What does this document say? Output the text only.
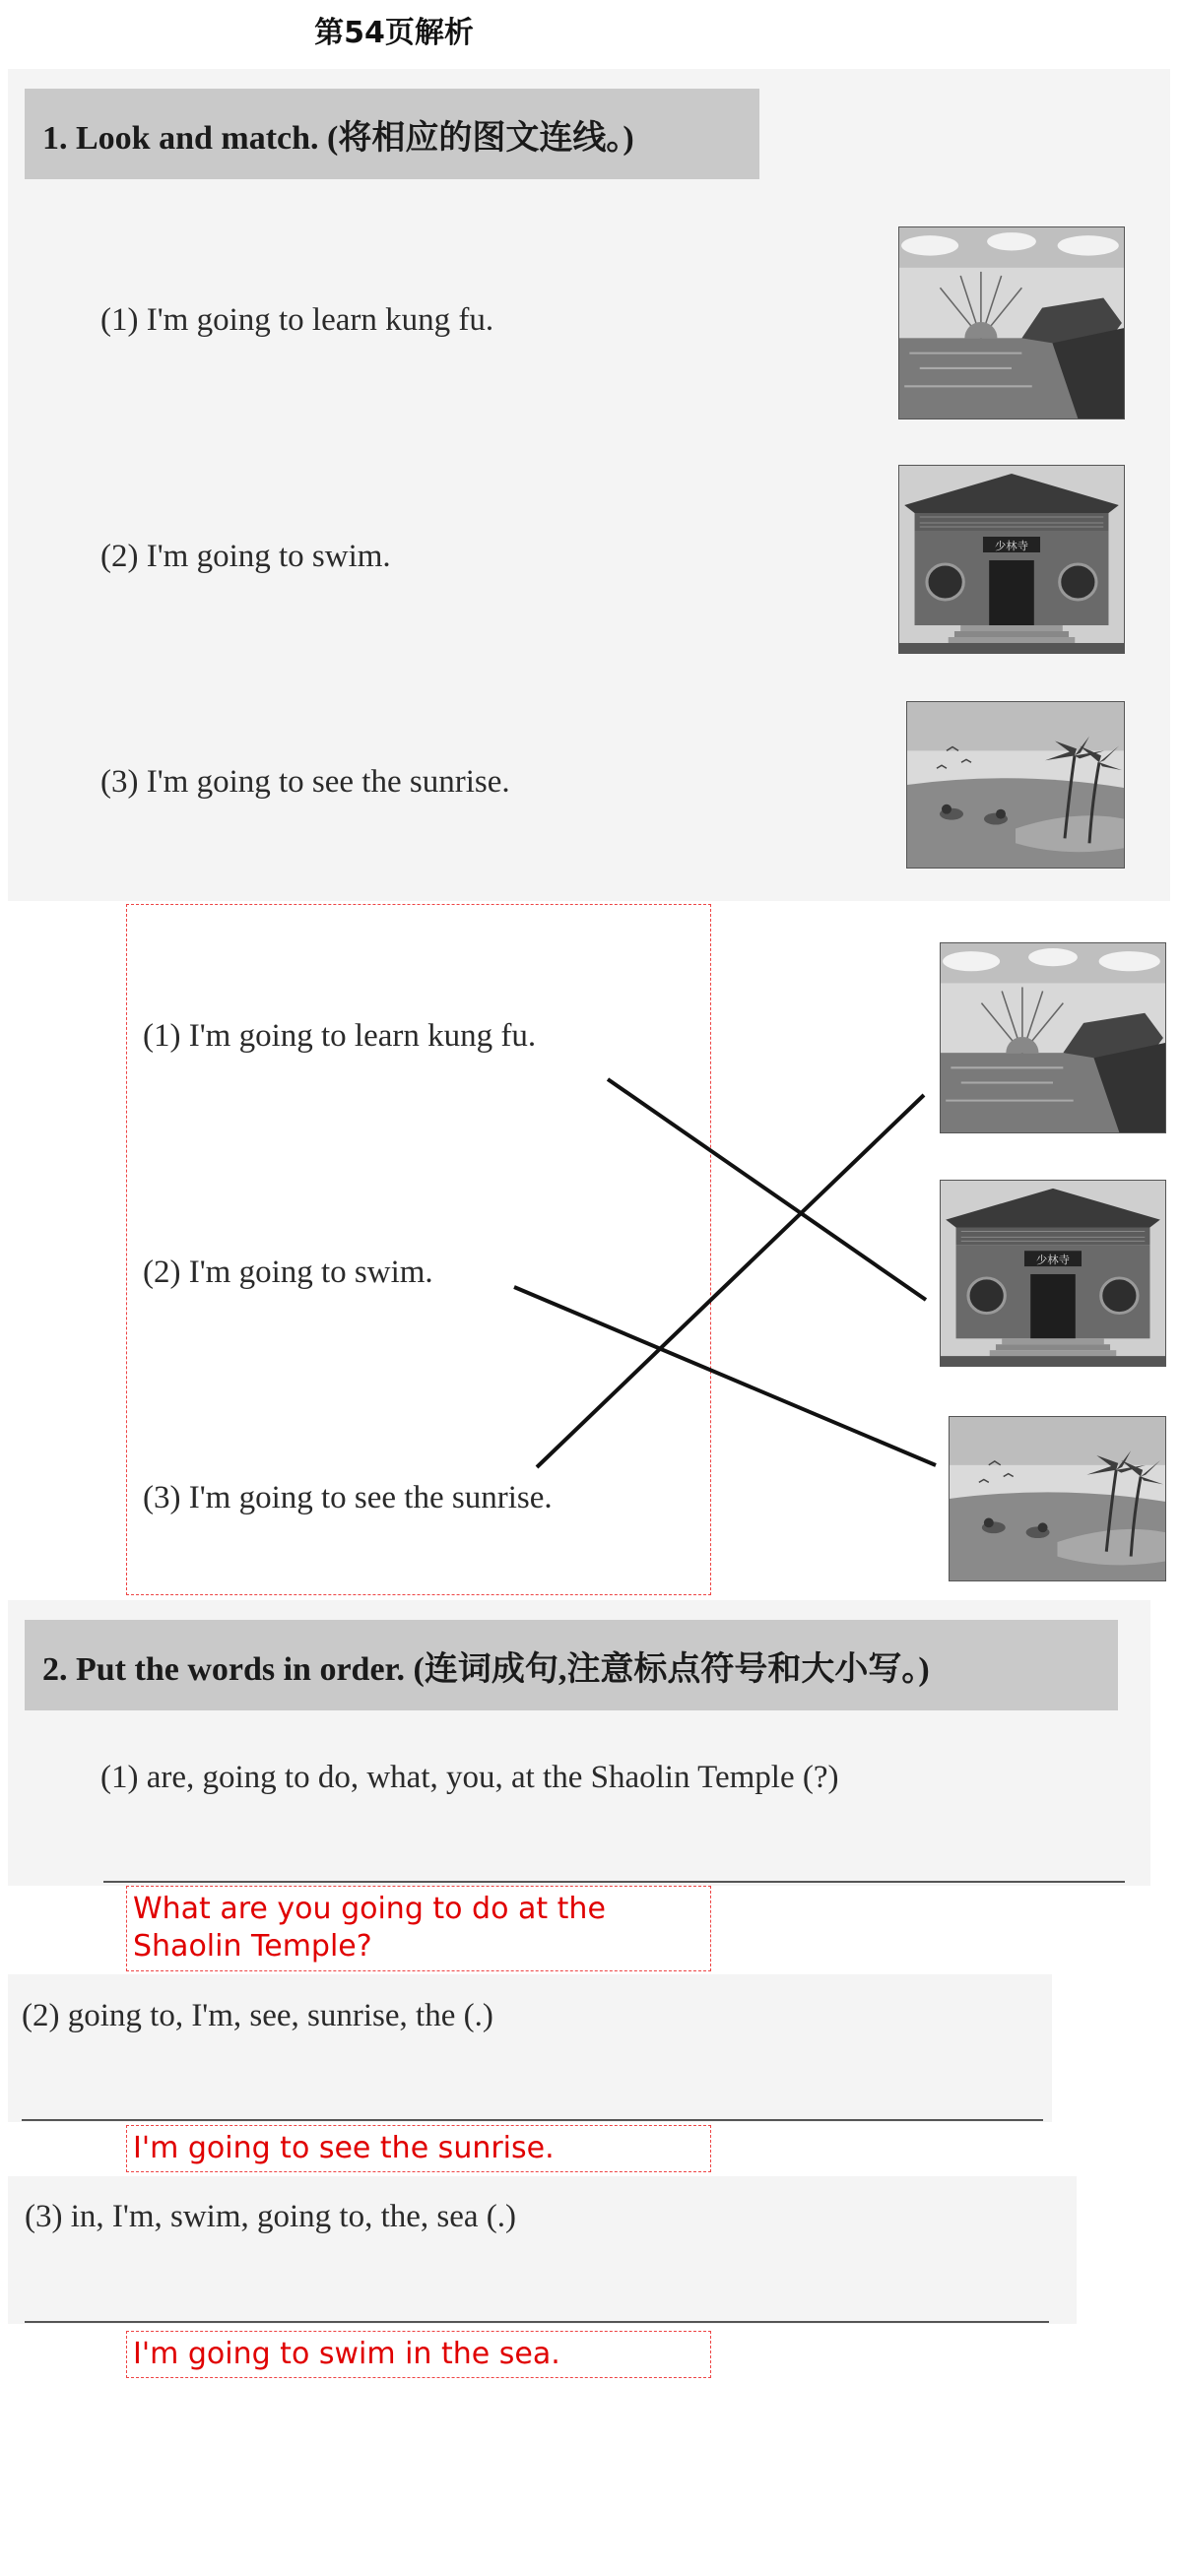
第54页解析
1. Look and match. (将相应的图文连线。)
(1) I'm going to learn kung fu.
(2) I'm going to swim.
(3) I'm going to see the sunrise.
(1) I'm going to learn kung fu.
(2) I'm going to swim.
(3) I'm going to see the sunrise.
2. Put the words in order. (连词成句,注意标点符号和大小写。)
(1) are, going to do, what, you, at the Shaolin Temple (?)
What are you going to do at the Shaolin Temple?
(2) going to, I'm, see, sunrise, the (.)
I'm going to see the sunrise.
(3) in, I'm, swim, going to, the, sea (.)
I'm going to swim in the sea.
